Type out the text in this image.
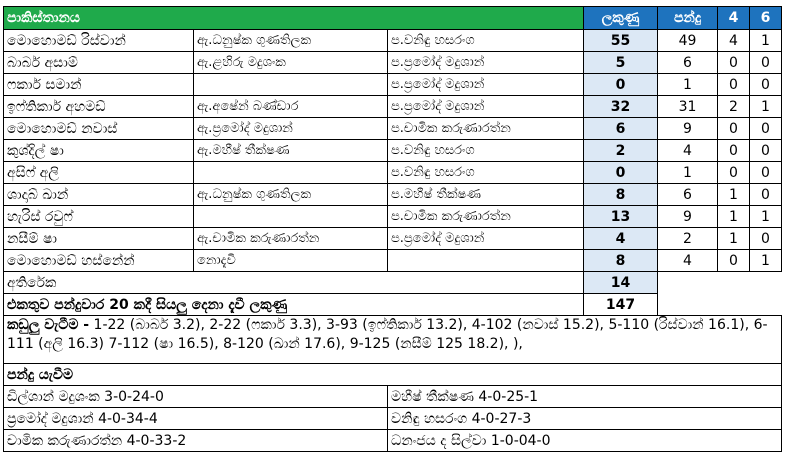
පාකිස්තානය			ලකුණු	පන්දු	4	6
මොහොමඩ් රිස්වාන්	ඇ.ධනුෂ්ක ගුණතිලක	ප.වනිඳු හසරංග	55	49	4	1
බාබර් අසාම්	ඇ.ළහිරු මදුශංක	ප.ප්‍රමෝද් මදුශාන්	5	6	0	0
ෆකාර් සමාන්		ප.ප්‍රමෝද් මදුශාන්	0	1	0	0
ඉෆ්තිකාර් අහමඩ්	ඇ.අෂේන් බණ්ඩාර	ප.ප්‍රමෝද් මදුශාන්	32	31	2	1
මොහොමඩ් නවාස්	ඇ.ප්‍රමෝද් මදුශාන්	ප.චාමික කරුණාරත්න	6	9	0	0
කුශ්දිල් ෂා	ඇ.මහීෂ් තීක්ෂණ	ප.වනිඳු හසරංග	2	4	0	0
අසිෆ් අලි		ප.වනිඳු හසරංග	0	1	0	0
ශාදාබ් ඛාන්	ඇ.ධනුෂ්ක ගුණතිලක	ප.මහීෂ් තීක්ෂණ	8	6	1	0
හැරිස් රවුෆ්		ප.චාමික කරුණාරත්න	13	9	1	1
නසීම් ෂා	ඇ.චාමික කරුණාරත්න	ප.ප්‍රමෝද් මදුශාන්	4	2	1	0
මොහොමඩ් හස්නේන්	නොදැවී		8	4	0	1
අතිරේක			14			
එකතුව පන්දුවාර 20 කදී සියලු දෙනා දැවී ලකුණු			147			
කඩුලු වැටීම - 1-22 (බාබර් 3.2), 2-22 (ෆකාර් 3.3), 3-93 (ඉෆ්තිකාර් 13.2), 4-102 (නවාස් 15.2), 5-110 (රිස්වාන් 16.1), 6-111 (අලි 16.3) 7-112 (ෂා 16.5), 8-120 (ඛාන් 17.6), 9-125 (නසීම් 125 18.2), ),						
පන්දු යැවීම						
ඩිල්ශාන් මදුශංක 3-0-24-0		මහීෂ් තීක්ෂණ 4-0-25-1				
ප්‍රමෝද් මදුශාන් 4-0-34-4		වනිඳු හසරංග 4-0-27-3				
චාමික කරුණාරත්න 4-0-33-2		ධනංජය ද සිල්වා 1-0-04-0				
